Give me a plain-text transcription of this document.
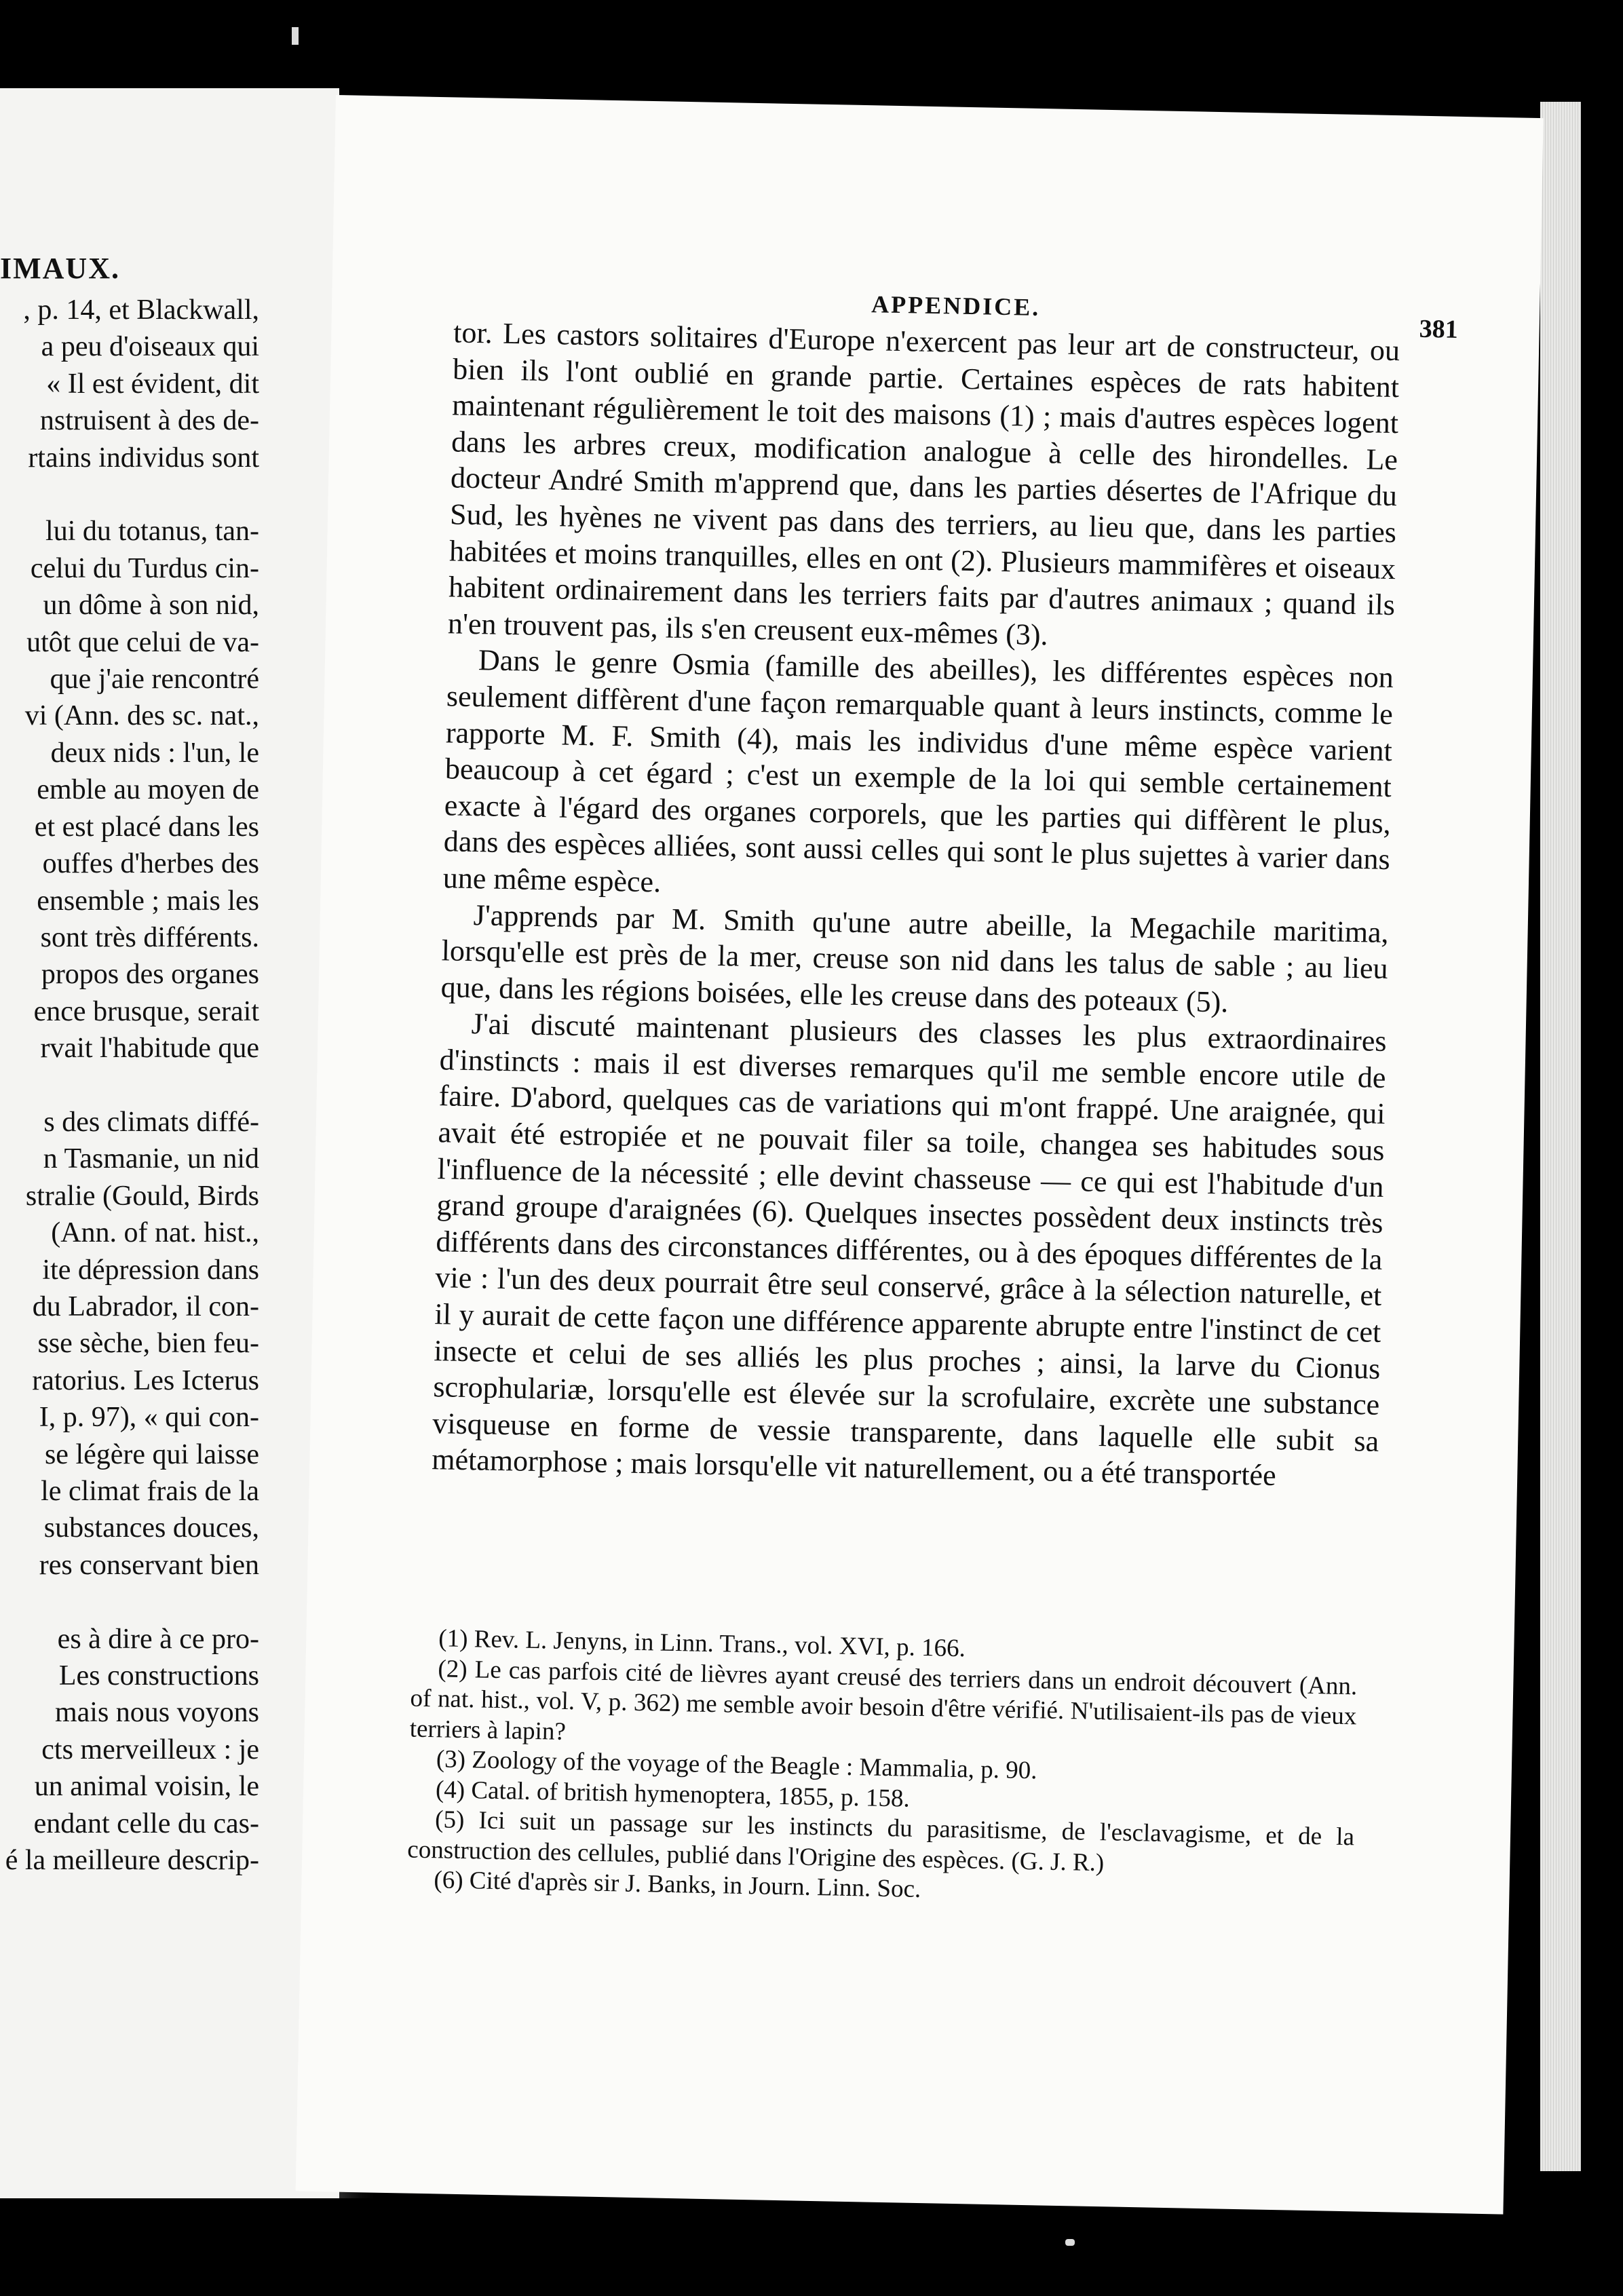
IMAUX.
, p. 14, et Blackwall,
a peu d'oiseaux qui
« Il est évident, dit
nstruisent à des de-
rtains individus sont

lui du totanus, tan-
celui du Turdus cin-
un dôme à son nid,
utôt que celui de va-
que j'aie rencontré
vi (Ann. des sc. nat.,
deux nids : l'un, le
emble au moyen de
et est placé dans les
ouffes d'herbes des
ensemble ; mais les
sont très différents.
propos des organes
ence brusque, serait
rvait l'habitude que

s des climats diffé-
n Tasmanie, un nid
stralie (Gould, Birds
(Ann. of nat. hist.,
ite dépression dans
du Labrador, il con-
sse sèche, bien feu-
ratorius. Les Icterus
I, p. 97), « qui con-
se légère qui laisse
le climat frais de la
substances douces,
res conservant bien

es à dire à ce pro-
Les constructions
mais nous voyons
cts merveilleux : je
un animal voisin, le
endant celle du cas-
é la meilleure descrip-
APPENDICE.
381

tor. Les castors solitaires d'Europe n'exercent pas leur art de constructeur, ou bien ils l'ont oublié en grande partie. Certaines espèces de rats habitent maintenant régulièrement le toit des maisons (1) ; mais d'autres espèces logent dans les arbres creux, modification analogue à celle des hirondelles. Le docteur André Smith m'apprend que, dans les parties désertes de l'Afrique du Sud, les hyènes ne vivent pas dans des terriers, au lieu que, dans les parties habitées et moins tranquilles, elles en ont (2). Plusieurs mammifères et oiseaux habitent ordinairement dans les terriers faits par d'autres animaux ; quand ils n'en trouvent pas, ils s'en creusent eux-mêmes (3).

Dans le genre Osmia (famille des abeilles), les différentes espèces non seulement diffèrent d'une façon remarquable quant à leurs instincts, comme le rapporte M. F. Smith (4), mais les individus d'une même espèce varient beaucoup à cet égard ; c'est un exemple de la loi qui semble certainement exacte à l'égard des organes corporels, que les parties qui diffèrent le plus, dans des espèces alliées, sont aussi celles qui sont le plus sujettes à varier dans une même espèce.

J'apprends par M. Smith qu'une autre abeille, la Megachile maritima, lorsqu'elle est près de la mer, creuse son nid dans les talus de sable ; au lieu que, dans les régions boisées, elle les creuse dans des poteaux (5).

J'ai discuté maintenant plusieurs des classes les plus extraordinaires d'instincts : mais il est diverses remarques qu'il me semble encore utile de faire. D'abord, quelques cas de variations qui m'ont frappé. Une araignée, qui avait été estropiée et ne pouvait filer sa toile, changea ses habitudes sous l'influence de la nécessité ; elle devint chasseuse — ce qui est l'habitude d'un grand groupe d'araignées (6). Quelques insectes possèdent deux instincts très différents dans des circonstances différentes, ou à des époques différentes de la vie : l'un des deux pourrait être seul conservé, grâce à la sélection naturelle, et il y aurait de cette façon une différence apparente abrupte entre l'instinct de cet insecte et celui de ses alliés les plus proches ; ainsi, la larve du Cionus scrophulariæ, lorsqu'elle est élevée sur la scrofulaire, excrète une substance visqueuse en forme de vessie transparente, dans laquelle elle subit sa métamorphose ; mais lorsqu'elle vit naturellement, ou a été transportée

(1) Rev. L. Jenyns, in Linn. Trans., vol. XVI, p. 166.

(2) Le cas parfois cité de lièvres ayant creusé des terriers dans un endroit découvert (Ann. of nat. hist., vol. V, p. 362) me semble avoir besoin d'être vérifié. N'utilisaient-ils pas de vieux terriers à lapin?

(3) Zoology of the voyage of the Beagle : Mammalia, p. 90.

(4) Catal. of british hymenoptera, 1855, p. 158.

(5) Ici suit un passage sur les instincts du parasitisme, de l'esclavagisme, et de la construction des cellules, publié dans l'Origine des espèces. (G. J. R.)

(6) Cité d'après sir J. Banks, in Journ. Linn. Soc.
